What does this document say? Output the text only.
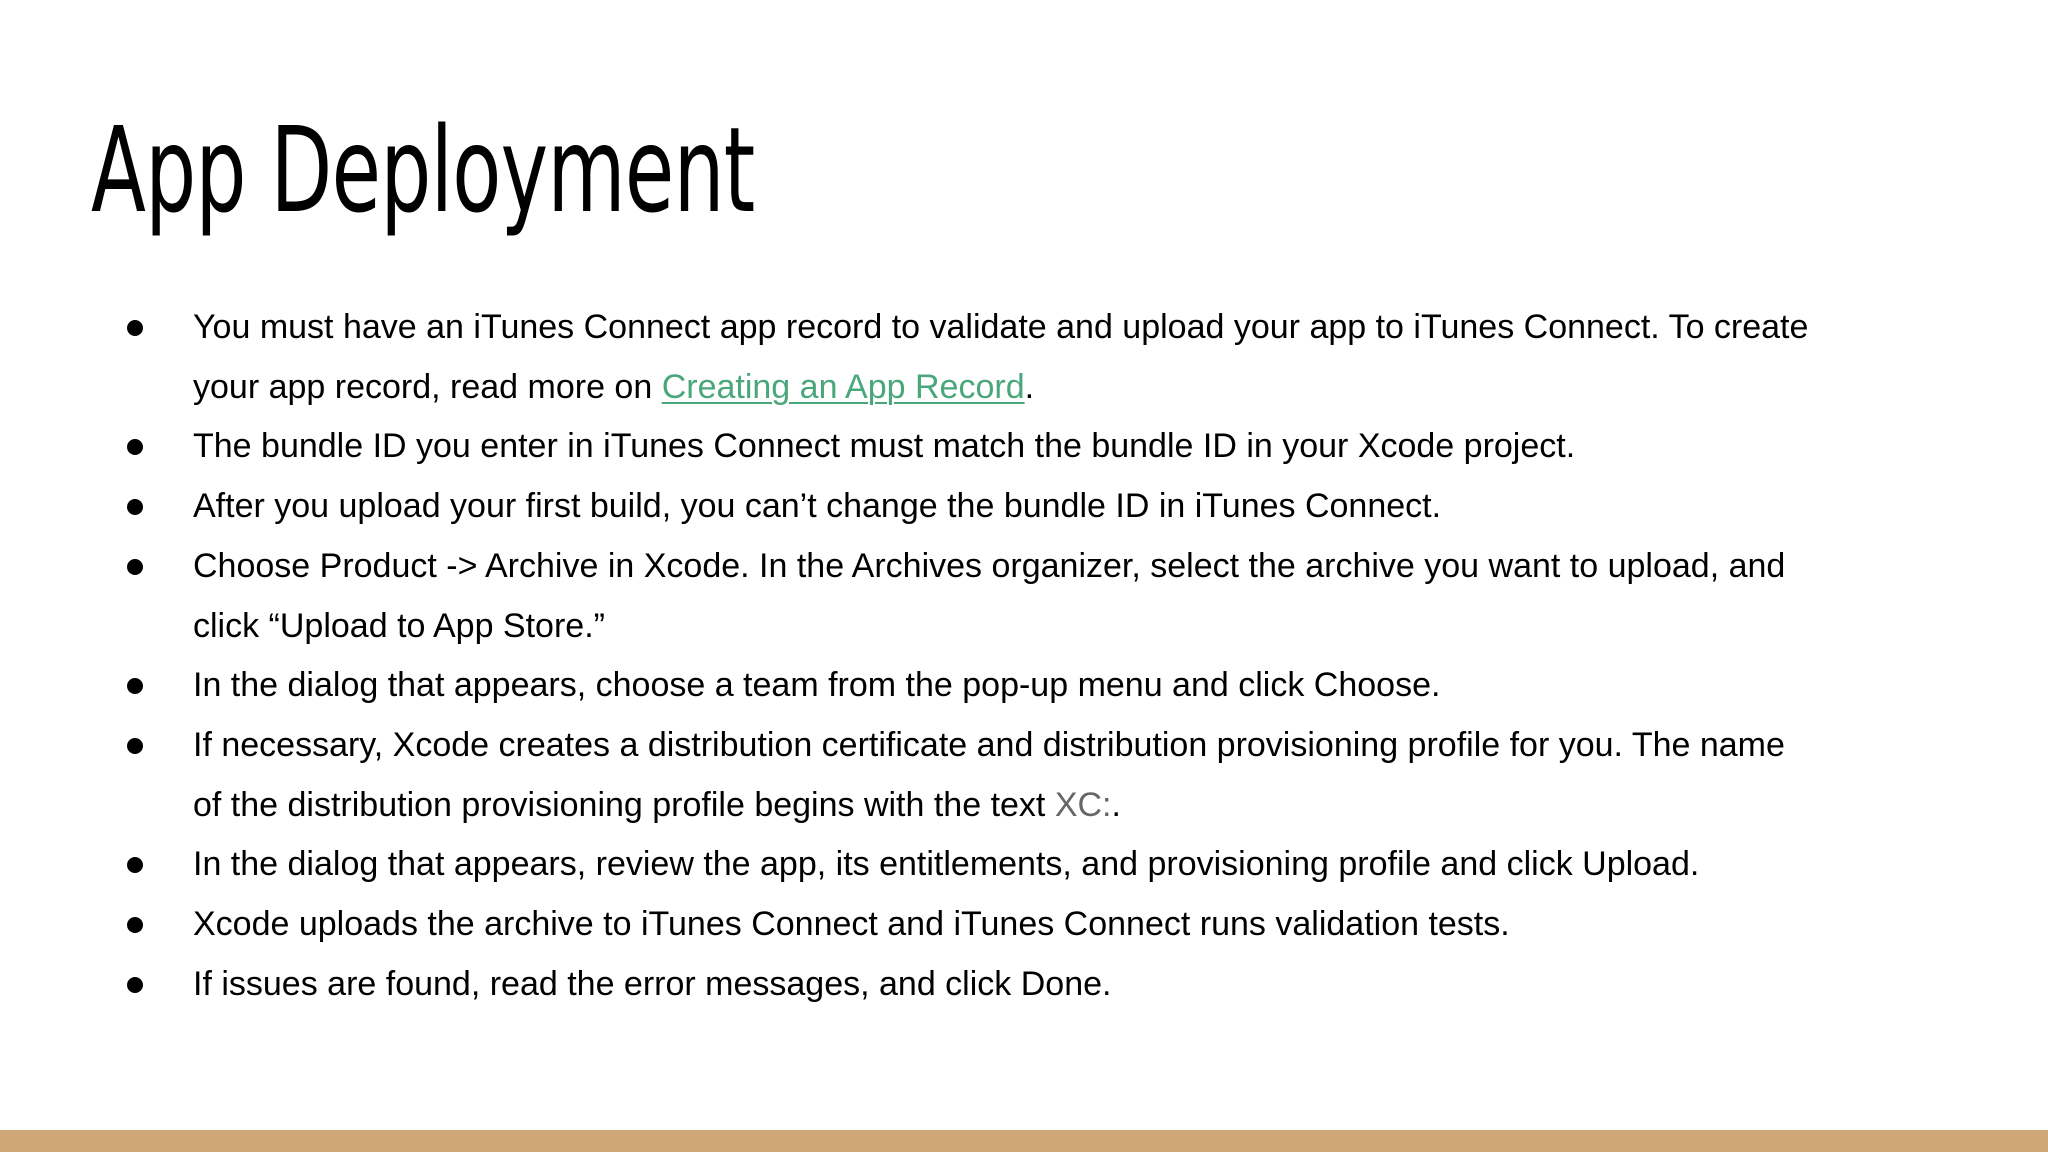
App Deployment
You must have an iTunes Connect app record to validate and upload your app to iTunes Connect. To create
your app record, read more on Creating an App Record.
The bundle ID you enter in iTunes Connect must match the bundle ID in your Xcode project.
After you upload your first build, you can’t change the bundle ID in iTunes Connect.
Choose Product -> Archive in Xcode. In the Archives organizer, select the archive you want to upload, and
click “Upload to App Store.”
In the dialog that appears, choose a team from the pop-up menu and click Choose.
If necessary, Xcode creates a distribution certificate and distribution provisioning profile for you. The name
of the distribution provisioning profile begins with the text XC:.
In the dialog that appears, review the app, its entitlements, and provisioning profile and click Upload.
Xcode uploads the archive to iTunes Connect and iTunes Connect runs validation tests.
If issues are found, read the error messages, and click Done.
